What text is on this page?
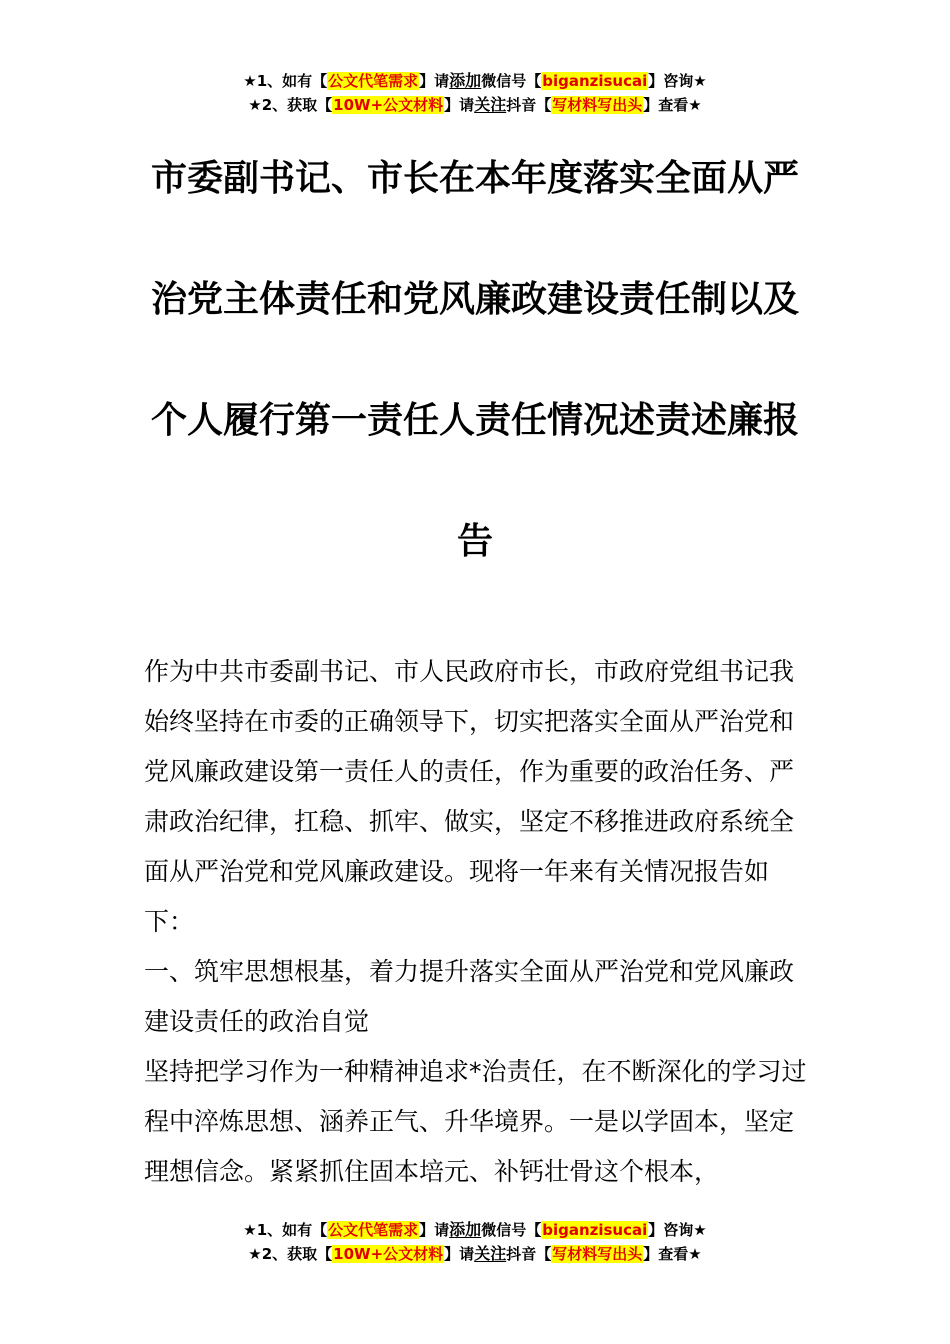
★1、如有【公文代笔需求】请添加微信号【biganzisucai】咨询★
★2、获取【10W+公文材料】请关注抖音【写材料写出头】查看★
市委副书记、市长在本年度落实全面从严
治党主体责任和党风廉政建设责任制以及
个人履行第一责任人责任情况述责述廉报
告

作为中共市委副书记、市人民政府市长，市政府党组书记我始终坚持在市委的正确领导下，切实把落实全面从严治党和党风廉政建设第一责任人的责任，作为重要的政治任务、严肃政治纪律，扛稳、抓牢、做实，坚定不移推进政府系统全面从严治党和党风廉政建设。现将一年来有关情况报告如下：

一、筑牢思想根基，着力提升落实全面从严治党和党风廉政建设责任的政治自觉

坚持把学习作为一种精神追求*治责任，在不断深化的学习过程中淬炼思想、涵养正气、升华境界。一是以学固本，坚定理想信念。紧紧抓住固本培元、补钙壮骨这个根本，

★1、如有【公文代笔需求】请添加微信号【biganzisucai】咨询★
★2、获取【10W+公文材料】请关注抖音【写材料写出头】查看★
